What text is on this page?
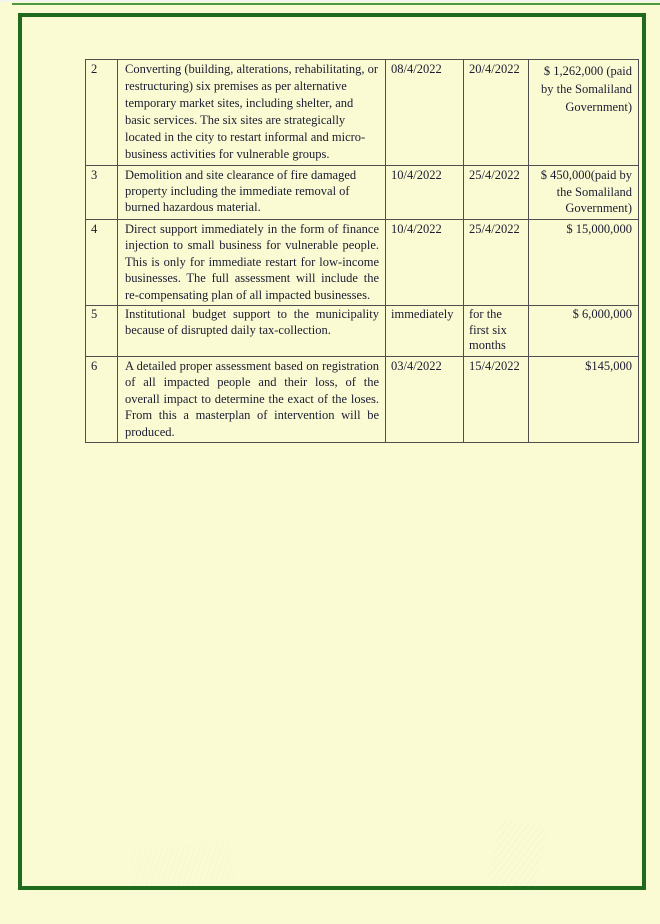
2	Converting (building, alterations, rehabilitating, or restructuring) six premises as per alternative temporary market sites, including shelter, and basic services. The six sites are strategically located in the city to restart informal and micro-business activities for vulnerable groups.	08/4/2022	20/4/2022	$ 1,262,000 (paid by the Somaliland Government)
3	Demolition and site clearance of fire damaged property including the immediate removal of burned hazardous material.	10/4/2022	25/4/2022	$ 450,000(paid by the Somaliland Government)
4	Direct support immediately in the form of finance injection to small business for vulnerable people. This is only for immediate restart for low-income businesses. The full assessment will include the re-compensating plan of all impacted businesses.	10/4/2022	25/4/2022	$ 15,000,000
5	Institutional budget support to the municipality because of disrupted daily tax-collection.	immediately	for the first six months	$ 6,000,000
6	A detailed proper assessment based on registration of all impacted people and their loss, of the overall impact to determine the exact of the loses. From this a masterplan of intervention will be produced.	03/4/2022	15/4/2022	$145,000
